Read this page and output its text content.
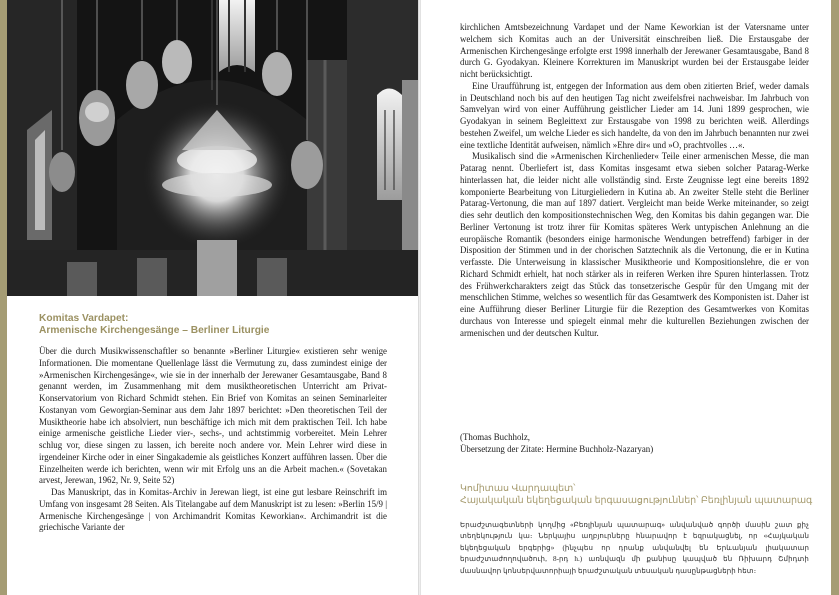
Komitas Vardapet:
Armenische Kirchengesänge – Berliner Liturgie

Über die durch Musikwissenschaftler so benannte »Berliner Liturgie« existieren sehr wenige Informationen. Die momentane Quellenlage lässt die Vermutung zu, dass zumindest einige der »Armenischen Kirchengesänge«, wie sie in der innerhalb der Jerewaner Gesamtausgabe, Band 8 genannt werden, im Zusammenhang mit dem musiktheoretischen Unterricht am Privat-Konservatorium von Richard Schmidt stehen. Ein Brief von Komitas an seinen Seminarleiter Kostanyan vom Geworgian-Seminar aus dem Jahr 1897 berichtet: »Den theoretischen Teil der Musiktheorie habe ich absolviert, nun beschäftige ich mich mit dem praktischen Teil. Ich habe einige armenische geistliche Lieder vier-, sechs-, und achtstimmig vorbereitet. Mein Lehrer schlug vor, diese singen zu lassen, ich bereite noch andere vor. Mein Lehrer wird diese in irgendeiner Kirche oder in einer Singakademie als geistliches Konzert aufführen lassen. Über die Einzelheiten werde ich berichten, wenn wir mit Erfolg uns an die Arbeit machen.« (Sovetakan arvest, Jerewan, 1962, Nr. 9, Seite 52)

Das Manuskript, das in Komitas-Archiv in Jerewan liegt, ist eine gut lesbare Reinschrift im Umfang von insgesamt 28 Seiten. Als Titelangabe auf dem Manuskript ist zu lesen: »Berlin 15/9 | Armenische Kirchengesänge | von Archimandrit Komitas Keworkian«. Archimandrit ist die griechische Variante der

kirchlichen Amtsbezeichnung Vardapet und der Name Keworkian ist der Vatersname unter welchem sich Komitas auch an der Universität einschreiben ließ. Die Erstausgabe der Armenischen Kirchengesänge erfolgte erst 1998 innerhalb der Jerewaner Gesamtausgabe, Band 8 durch G. Gyodakyan. Kleinere Korrekturen im Manuskript wurden bei der Erstausgabe leider nicht berücksichtigt.

Eine Uraufführung ist, entgegen der Information aus dem oben zitierten Brief, weder damals in Deutschland noch bis auf den heutigen Tag nicht zweifelsfrei nachweisbar. Im Jahrbuch von Samvelyan wird von einer Aufführung geistlicher Lieder am 14. Juni 1899 gesprochen, wie Gyodakyan in seinem Begleittext zur Erstausgabe von 1998 zu berichten weiß. Allerdings bestehen Zweifel, um welche Lieder es sich handelte, da von den im Jahrbuch benannten nur zwei eine textliche Identität aufweisen, nämlich »Ehre dir« und »O, prachtvolles …«.

Musikalisch sind die »Armenischen Kirchenlieder« Teile einer armenischen Messe, die man Patarag nennt. Überliefert ist, dass Komitas insgesamt etwa sieben solcher Patarag-Werke hinterlassen hat, die leider nicht alle vollständig sind. Erste Zeugnisse legt eine bereits 1892 komponierte Bearbeitung von Liturgieliedern in Kutina ab. An zweiter Stelle steht die Berliner Patarag-Vertonung, die man auf 1897 datiert. Vergleicht man beide Werke miteinander, so zeigt dies sehr deutlich den kompositionstechnischen Weg, den Komitas bis dahin gegangen war. Die Berliner Vertonung ist trotz ihrer für Komitas späteres Werk untypischen Anlehnung an die europäische Romantik (besonders einige harmonische Wendungen betreffend) farbiger in der Disposition der Stimmen und in der chorischen Satztechnik als die Vertonung, die er in Kutina verfasste. Die Unterweisung in klassischer Musiktheorie und Kompositionslehre, die er von Richard Schmidt erhielt, hat noch stärker als in reiferen Werken ihre Spuren hinterlassen. Trotz des Frühwerkcharakters zeigt das Stück das tonsetzerische Gespür für den Umgang mit der menschlichen Stimme, welches so wesentlich für das Gesamtwerk des Komponisten ist. Daher ist eine Aufführung dieser Berliner Liturgie für die Rezeption des Gesamtwerkes von Komitas durchaus von Interesse und spiegelt einmal mehr die kulturellen Beziehungen zwischen der armenischen und der deutschen Kultur.

(Thomas Buchholz,
Übersetzung der Zitate: Hermine Buchholz-Nazaryan)
Կոմիտաս Վարդապետ՝
Հայակական եկեղեցական երգասացություններ՝ Բեռլինյան պատարագ

Երաժշտագետների կողմից «Բեռլինյան պատարագ» անվանված գործի մասին շատ քիչ տեղեկություն կա։ Ներկայիս աղբյուրները հնարավոր է եզրակացնել, որ «Հայկական եկեղեցական երգերից» (ինչպես որ դրանք անվանվել են Երևանյան լիակատար երաժշտաժողովածուի, 8-րդ h.) առնվազն մի քանիսը կապված են Ռիխարդ Շմիդտի մասնավոր կոնսերվատորիայի երաժշտական տեսական դասընթացների հետ։
